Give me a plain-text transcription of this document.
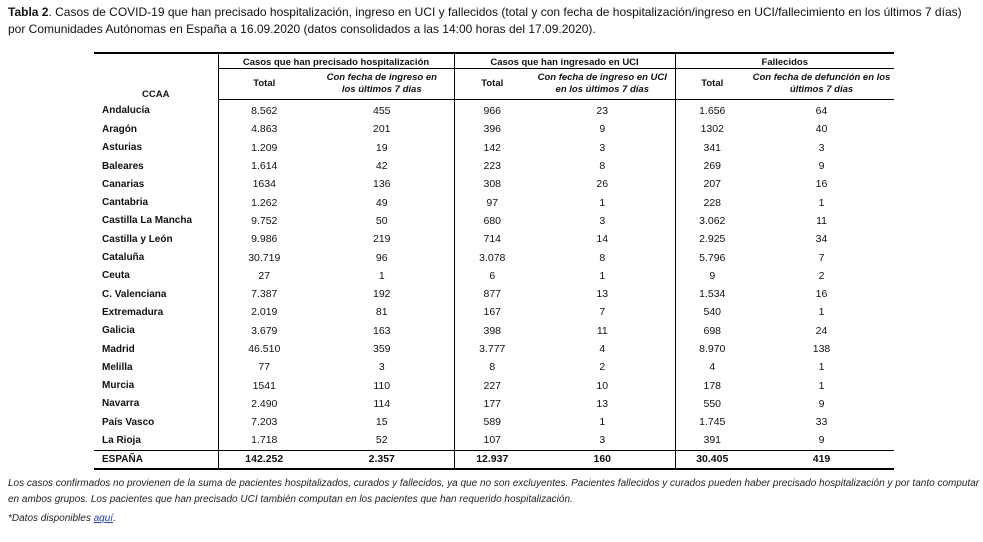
Tabla 2. Casos de COVID-19 que han precisado hospitalización, ingreso en UCI y fallecidos (total y con fecha de hospitalización/ingreso en UCI/fallecimiento en los últimos 7 días) por Comunidades Autónomas en España a 16.09.2020 (datos consolidados a las 14:00 horas del 17.09.2020).
CCAA	Casos que han precisado hospitalización		Casos que han ingresado en UCI		Fallecidos	
	Total	Con fecha de ingreso en los últimos 7 días	Total	Con fecha de ingreso en UCI en los últimos 7 días	Total	Con fecha de defunción en los últimos 7 días

Andalucía	8.562	455	966	23	1.656	64
Aragón	4.863	201	396	9	1302	40
Asturias	1.209	19	142	3	341	3
Baleares	1.614	42	223	8	269	9
Canarias	1634	136	308	26	207	16
Cantabria	1.262	49	97	1	228	1
Castilla La Mancha	9.752	50	680	3	3.062	11
Castilla y León	9.986	219	714	14	2.925	34
Cataluña	30.719	96	3.078	8	5.796	7
Ceuta	27	1	6	1	9	2
C. Valenciana	7.387	192	877	13	1.534	16
Extremadura	2.019	81	167	7	540	1
Galicia	3.679	163	398	11	698	24
Madrid	46.510	359	3.777	4	8.970	138
Melilla	77	3	8	2	4	1
Murcia	1541	110	227	10	178	1
Navarra	2.490	114	177	13	550	9
País Vasco	7.203	15	589	1	1.745	33
La Rioja	1.718	52	107	3	391	9
ESPAÑA	142.252	2.357	12.937	160	30.405	419
Los casos confirmados no provienen de la suma de pacientes hospitalizados, curados y fallecidos, ya que no son excluyentes. Pacientes fallecidos y curados pueden haber precisado hospitalización y por tanto computar en ambos grupos. Los pacientes que han precisado UCI también computan en los pacientes que han requerido hospitalización.
*Datos disponibles aquí.
